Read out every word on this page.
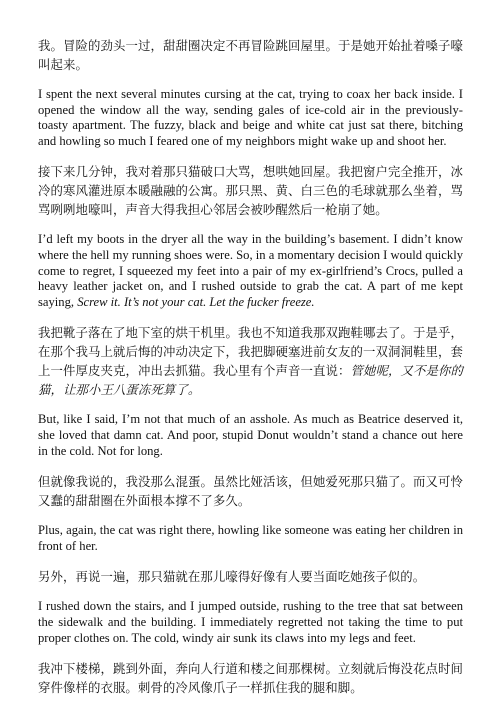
我。冒险的劲头一过，甜甜圈决定不再冒险跳回屋里。于是她开始扯着嗓子嚎叫起来。

I spent the next several minutes cursing at the cat, trying to coax her back inside. I opened the window all the way, sending gales of ice-cold air in the previously-toasty apartment. The fuzzy, black and beige and white cat just sat there, bitching and howling so much I feared one of my neighbors might wake up and shoot her.

接下来几分钟，我对着那只猫破口大骂，想哄她回屋。我把窗户完全推开，冰冷的寒风灌进原本暖融融的公寓。那只黑、黄、白三色的毛球就那么坐着，骂骂咧咧地嚎叫，声音大得我担心邻居会被吵醒然后一枪崩了她。

I’d left my boots in the dryer all the way in the building’s basement. I didn’t know where the hell my running shoes were. So, in a momentary decision I would quickly come to regret, I squeezed my feet into a pair of my ex-girlfriend’s Crocs, pulled a heavy leather jacket on, and I rushed outside to grab the cat. A part of me kept saying, Screw it. It’s not your cat. Let the fucker freeze.

我把靴子落在了地下室的烘干机里。我也不知道我那双跑鞋哪去了。于是乎，在那个我马上就后悔的冲动决定下，我把脚硬塞进前女友的一双洞洞鞋里，套上一件厚皮夹克，冲出去抓猫。我心里有个声音一直说：管她呢，又不是你的猫，让那小王八蛋冻死算了。

But, like I said, I’m not that much of an asshole. As much as Beatrice deserved it, she loved that damn cat. And poor, stupid Donut wouldn’t stand a chance out here in the cold. Not for long.

但就像我说的，我没那么混蛋。虽然比娅活该，但她爱死那只猫了。而又可怜又蠢的甜甜圈在外面根本撑不了多久。

Plus, again, the cat was right there, howling like someone was eating her children in front of her.

另外，再说一遍，那只猫就在那儿嚎得好像有人要当面吃她孩子似的。

I rushed down the stairs, and I jumped outside, rushing to the tree that sat between the sidewalk and the building. I immediately regretted not taking the time to put proper clothes on. The cold, windy air sunk its claws into my legs and feet.

我冲下楼梯，跳到外面，奔向人行道和楼之间那棵树。立刻就后悔没花点时间穿件像样的衣服。刺骨的冷风像爪子一样抓住我的腿和脚。
